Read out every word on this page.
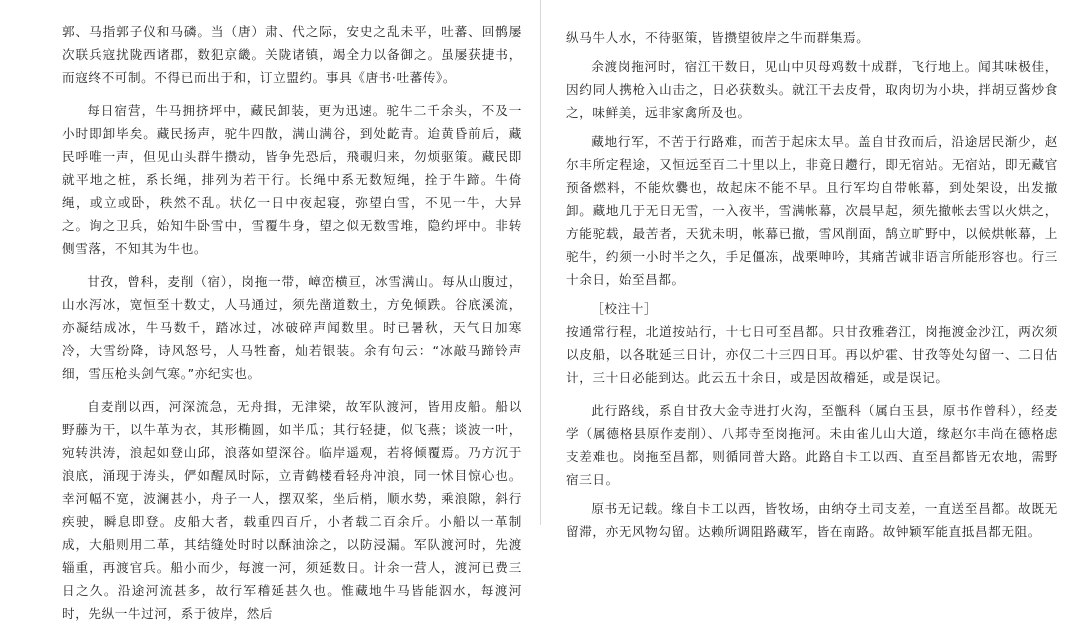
郭、马指郭子仪和马磷。当（唐）肃、代之际，安史之乱未平，吐蕃、回鹘屡次联兵寇扰陇西诸郡，数犯京畿。关陇诸镇，竭全力以备御之。虽屡获捷书，而寇终不可制。不得已而出于和，订立盟约。事具《唐书·吐蕃传》。

每日宿营，牛马拥挤坪中，藏民卸装，更为迅速。驼牛二千余头，不及一小时即卸毕矣。藏民扬声，驼牛四散，满山满谷，到处齕青。迨黄昏前后，藏民呼唯一声，但见山头群牛攒动，皆争先恐后，飛覗归来，勿烦驱策。藏民即就平地之桩，系长绳，排列为若干行。长绳中系无数短绳，拴于牛蹄。牛倚绳，或立或卧，秩然不乱。状亿一日中夜起寝，弥望白雪，不见一牛，大异之。询之卫兵，始知牛卧雪中，雪覆牛身，望之似无数雪堆，隐约坪中。非转侧雪落，不知其为牛也。

甘孜，曾科，麦削（宿），岗拖一带，嶂峦横亘，冰雪满山。每从山腹过，山水泻冰，宽恒至十数丈，人马通过，须先凿道数土，方免倾跌。谷底溪流，亦凝结成冰，牛马数千，踏冰过，冰破碎声闻数里。时已暑秋，天气日加寒冷，大雪纷降，诗风怒号，人马牲畜，灿若银装。余有句云：“冰敲马蹄铃声细，雪压枪头剑气寒。”亦纪实也。

自麦削以西，河深流急，无舟揖，无津梁，故军队渡河，皆用皮船。船以野藤为干，以牛革为衣，其形椭圆，如半瓜；其行轻捷，似飞燕；谈波一叶，宛转洪涛，浪起如登山邱，浪落如望深谷。临岸遥观，若将倾覆焉。乃方沉于浪底，涌现于涛头，俨如醒凤时际，立青鹤楼看轻舟冲浪，同一怵目惊心也。幸河幅不宽，波澜甚小，舟子一人，摆双桨，坐后梢，顺水势，乘浪隙，斜行疾驶，瞬息即登。皮船大者，载重四百斤，小者载二百余斤。小船以一革制成，大船则用二革，其结缝处时时以酥油涂之，以防浸漏。军队渡河时，先渡辎重，再渡官兵。船小而少，每渡一河，须延数日。计余一营人，渡河已费三日之久。沿途河流甚多，故行军稽延甚久也。惟藏地牛马皆能泅水，每渡河时，先纵一牛过河，系于彼岸，然后

纵马牛人水，不待驱策，皆攒望彼岸之牛而群集焉。

余渡岗拖河时，宿江干数日，见山中贝母鸡数十成群，飞行地上。闻其味极佳，因约同人携枪入山击之，日必获数头。就江干去皮骨，取肉切为小块，拌胡豆酱炒食之，味鲜美，远非家禽所及也。

藏地行军，不苦于行路难，而苦于起床太早。盖自甘孜而后，沿途居民渐少，赵尔丰所定程途，又恒远至百二十里以上，非竟日趱行，即无宿站。无宿站，即无藏官预备燃料，不能炊爨也，故起床不能不早。且行军均自带帐幕，到处架设，出发撤卸。藏地几于无日无雪，一入夜半，雪满帐幕，次晨早起，须先撤帐去雪以火烘之，方能驼载，最苦者，天犹未明，帐幕已撤，雪风削面，鹄立旷野中，以候烘帐幕，上驼牛，约须一小时半之久，手足僵冻，战栗呻吟，其痛苦诚非语言所能形容也。行三十余日，始至昌都。

［校注十］

按通常行程，北道按站行，十七日可至昌都。只甘孜雅砻江，岗拖渡金沙江，两次须以皮船，以各耽延三日计，亦仅二十三四日耳。再以炉霍、甘孜等处勾留一、二日估计，三十日必能到达。此云五十余日，或是因故稽延，或是误记。

此行路线，系自甘孜大金寺进打火沟，至甑科（属白玉县，原书作曾科），经麦学（属德格县原作麦削）、八邦寺至岗拖河。未由雀儿山大道，缘赵尔丰尚在德格虑支差难也。岗拖至昌都，则循同普大路。此路自卡工以西、直至昌都皆无农地，需野宿三日。

原书无记载。缘自卡工以西，皆牧场，由纳夺土司支差，一直送至昌都。故既无留滞，亦无风物勾留。达赖所调阻路藏军，皆在南路。故钟颖军能直抵昌都无阻。
